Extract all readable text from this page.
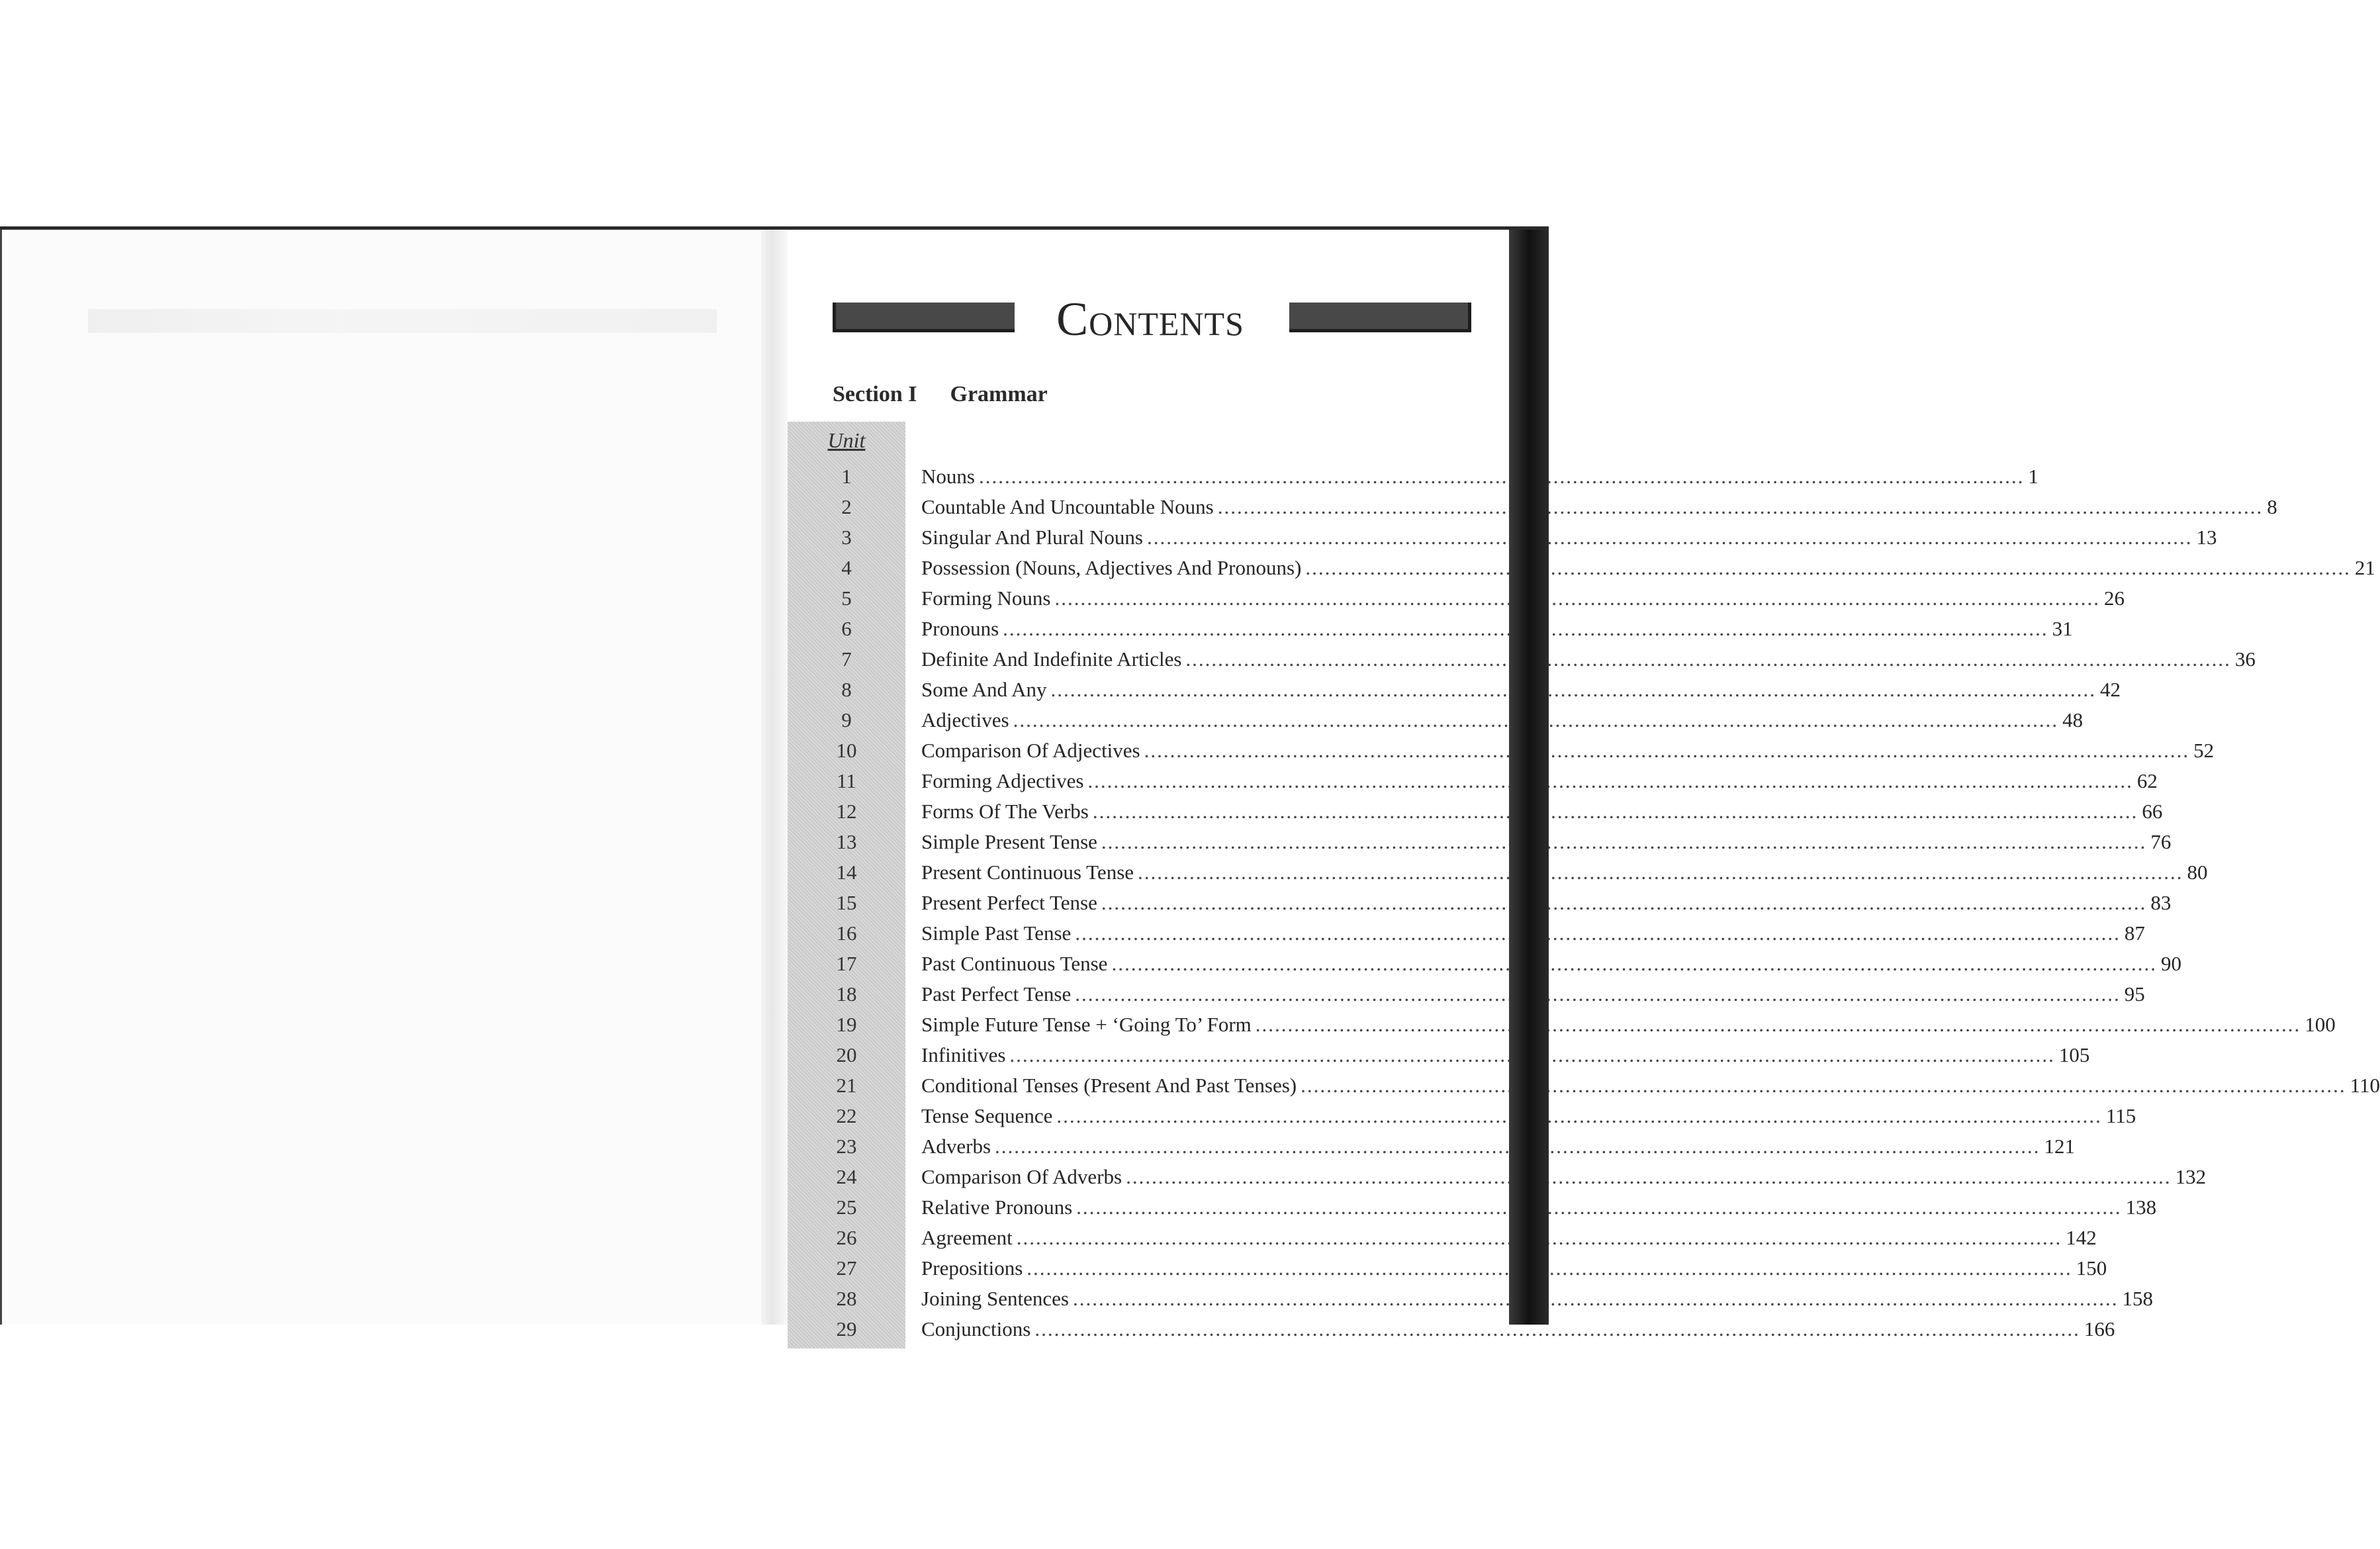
Contents
Section I Grammar
Unit
1	Nouns .....	1
2	Countable And Uncountable Nouns .....	8
3	Singular And Plural Nouns .....	13
4	Possession (Nouns, Adjectives And Pronouns) .....	21
5	Forming Nouns .....	26
6	Pronouns .....	31
7	Definite And Indefinite Articles .....	36
8	Some And Any .....	42
9	Adjectives .....	48
10	Comparison Of Adjectives .....	52
11	Forming Adjectives .....	62
12	Forms Of The Verbs .....	66
13	Simple Present Tense .....	76
14	Present Continuous Tense .....	80
15	Present Perfect Tense .....	83
16	Simple Past Tense .....	87
17	Past Continuous Tense .....	90
18	Past Perfect Tense .....	95
19	Simple Future Tense + ‘Going To’ Form .....	100
20	Infinitives .....	105
21	Conditional Tenses (Present And Past Tenses) .....	110
22	Tense Sequence .....	115
23	Adverbs .....	121
24	Comparison Of Adverbs .....	132
25	Relative Pronouns .....	138
26	Agreement .....	142
27	Prepositions .....	150
28	Joining Sentences .....	158
29	Conjunctions .....	166
